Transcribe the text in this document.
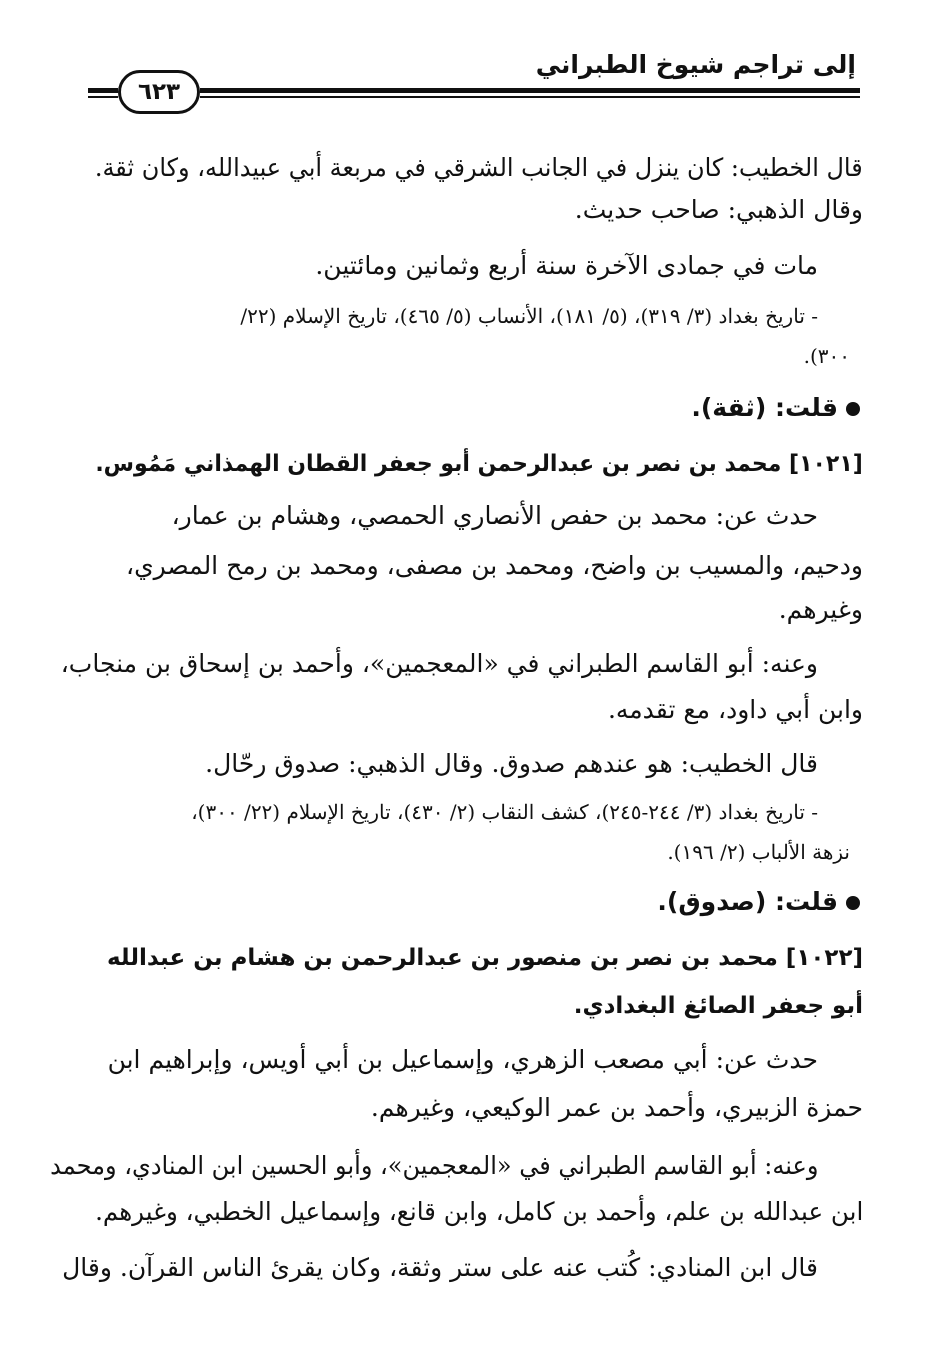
إلى تراجم شيوخ الطبراني
٦٢٣
قال الخطيب: كان ينزل في الجانب الشرقي في مربعة أبي عبيدالله، وكان ثقة.
وقال الذهبي: صاحب حديث.
مات في جمادى الآخرة سنة أربع وثمانين ومائتين.
- تاريخ بغداد (٣/ ٣١٩)، (٥/ ١٨١)، الأنساب (٥/ ٤٦٥)، تاريخ الإسلام (٢٢/
٣٠٠).
قلت: (ثقة).
[١٠٢١] محمد بن نصر بن عبدالرحمن أبو جعفر القطان الهمذاني مَمُوس.
حدث عن: محمد بن حفص الأنصاري الحمصي، وهشام بن عمار،
ودحيم، والمسيب بن واضح، ومحمد بن مصفى، ومحمد بن رمح المصري،
وغيرهم.
وعنه: أبو القاسم الطبراني في «المعجمين»، وأحمد بن إسحاق بن منجاب،
وابن أبي داود، مع تقدمه.
قال الخطيب: هو عندهم صدوق. وقال الذهبي: صدوق رحّال.
- تاريخ بغداد (٣/ ٢٤٤-٢٤٥)، كشف النقاب (٢/ ٤٣٠)، تاريخ الإسلام (٢٢/ ٣٠٠)،
نزهة الألباب (٢/ ١٩٦).
قلت: (صدوق).
[١٠٢٢] محمد بن نصر بن منصور بن عبدالرحمن بن هشام بن عبدالله
أبو جعفر الصائغ البغدادي.
حدث عن: أبي مصعب الزهري، وإسماعيل بن أبي أويس، وإبراهيم ابن
حمزة الزبيري، وأحمد بن عمر الوكيعي، وغيرهم.
وعنه: أبو القاسم الطبراني في «المعجمين»، وأبو الحسين ابن المنادي، ومحمد
ابن عبدالله بن علم، وأحمد بن كامل، وابن قانع، وإسماعيل الخطبي، وغيرهم.
قال ابن المنادي: كُتب عنه على ستر وثقة، وكان يقرئ الناس القرآن. وقال
